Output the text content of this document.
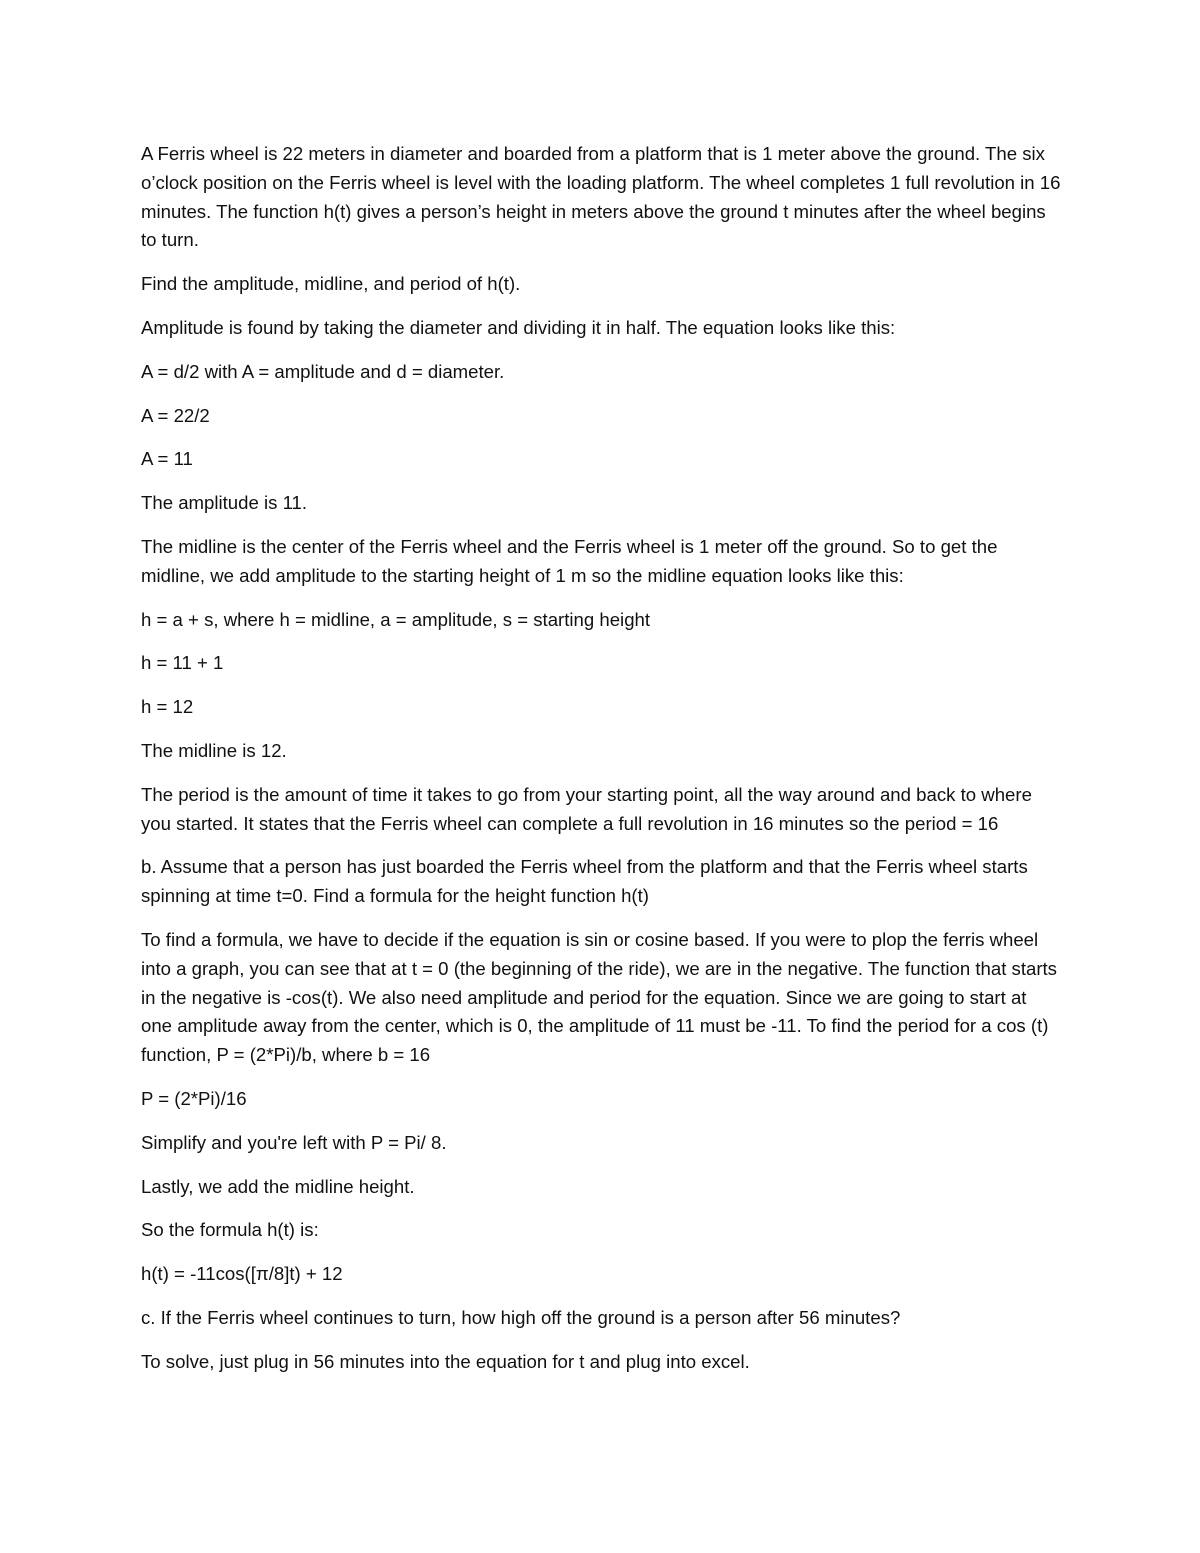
A Ferris wheel is 22 meters in diameter and boarded from a platform that is 1 meter above the ground. The six o’clock position on the Ferris wheel is level with the loading platform. The wheel completes 1 full revolution in 16 minutes. The function h(t) gives a person’s height in meters above the ground t minutes after the wheel begins to turn.

Find the amplitude, midline, and period of h(t).

Amplitude is found by taking the diameter and dividing it in half. The equation looks like this:

A = d/2 with A = amplitude and d = diameter.

A = 22/2

A = 11

The amplitude is 11.

The midline is the center of the Ferris wheel and the Ferris wheel is 1 meter off the ground. So to get the midline, we add amplitude to the starting height of 1 m so the midline equation looks like this:

h = a + s, where h = midline, a = amplitude, s = starting height

h = 11 + 1

h = 12

The midline is 12.

The period is the amount of time it takes to go from your starting point, all the way around and back to where you started. It states that the Ferris wheel can complete a full revolution in 16 minutes so the period = 16

b. Assume that a person has just boarded the Ferris wheel from the platform and that the Ferris wheel starts spinning at time t=0. Find a formula for the height function h(t)

To find a formula, we have to decide if the equation is sin or cosine based. If you were to plop the ferris wheel into a graph, you can see that at t = 0 (the beginning of the ride), we are in the negative. The function that starts in the negative is -cos(t). We also need amplitude and period for the equation. Since we are going to start at one amplitude away from the center, which is 0, the amplitude of 11 must be -11. To find the period for a cos (t) function, P = (2*Pi)/b, where b = 16

P = (2*Pi)/16

Simplify and you're left with P = Pi/ 8.

Lastly, we add the midline height.

So the formula h(t) is:

h(t) = -11cos([π/8]t) + 12

c. If the Ferris wheel continues to turn, how high off the ground is a person after 56 minutes?

To solve, just plug in 56 minutes into the equation for t and plug into excel.
